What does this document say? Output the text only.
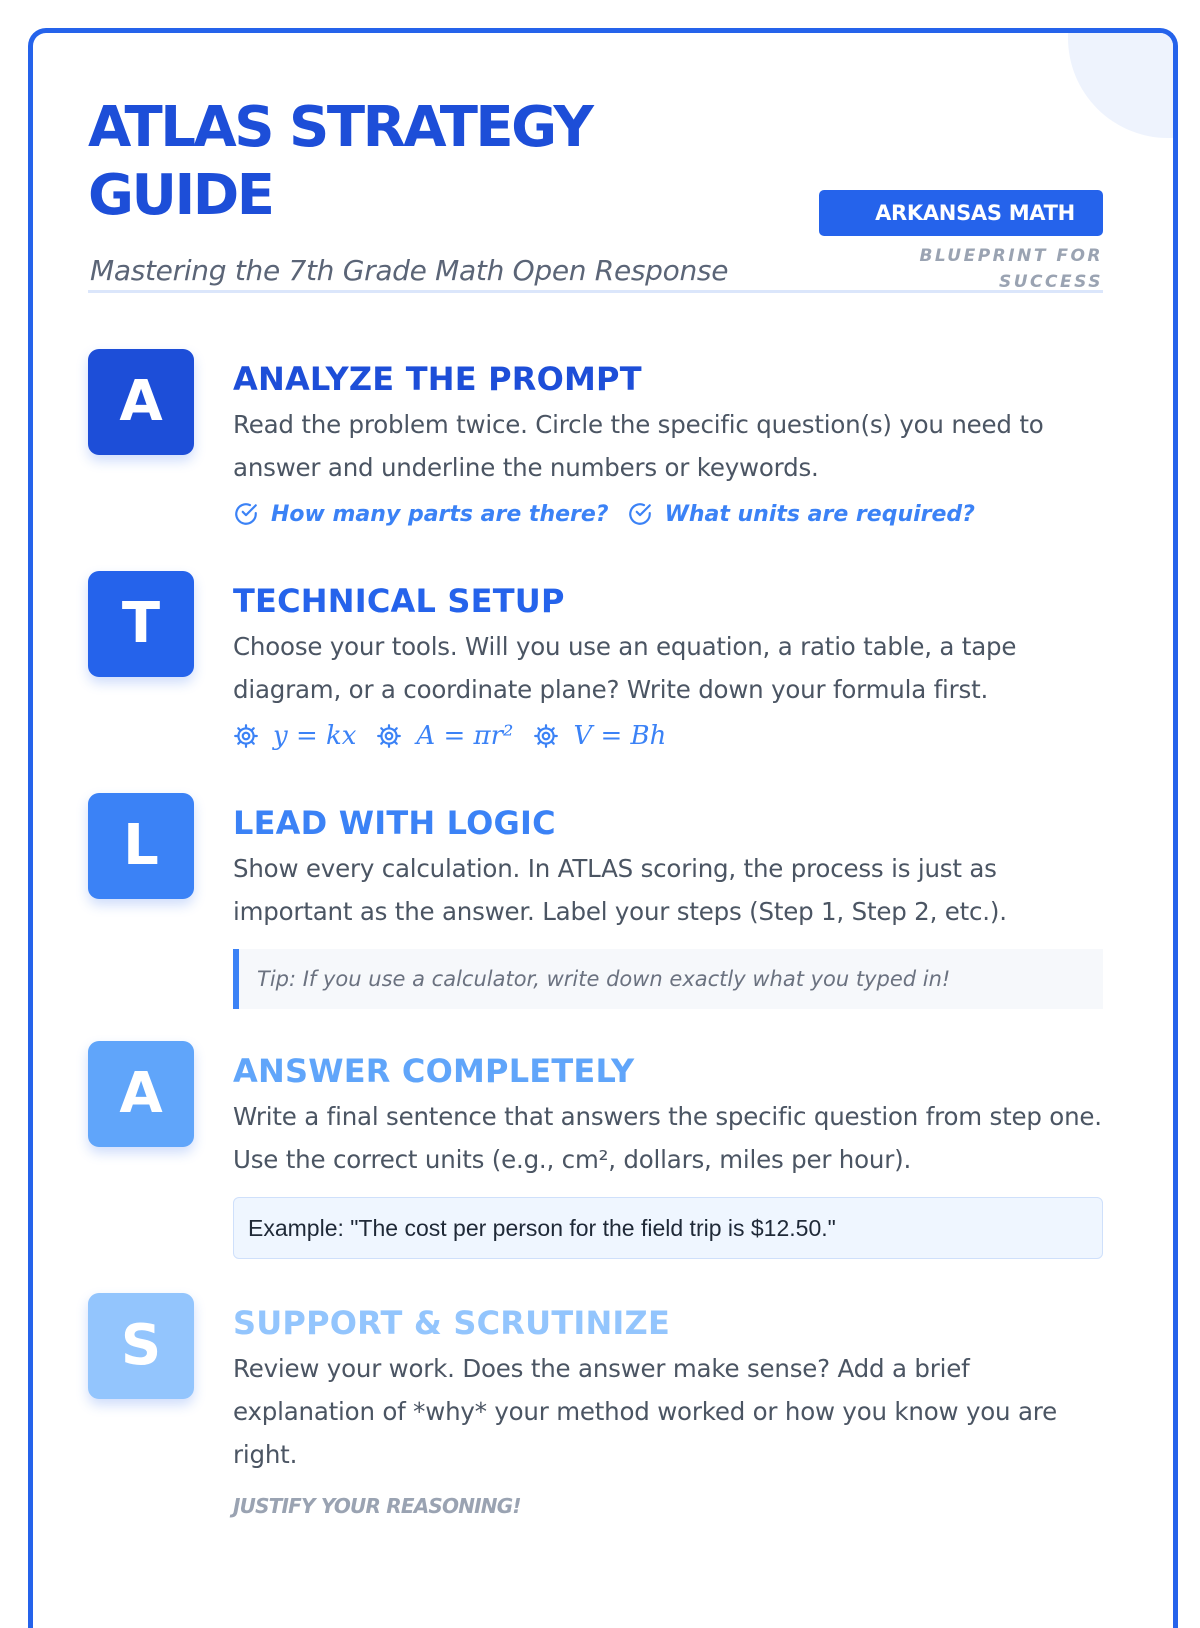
ATLAS STRATEGY GUIDE
Mastering the 7th Grade Math Open Response
ARKANSAS MATH
BLUEPRINT FOR SUCCESS
A	ANALYZE THE PROMPT
Read the problem twice. Circle the specific question(s) you need to answer and underline the numbers or keywords.
How many parts are there?	What units are required?
T	TECHNICAL SETUP
Choose your tools. Will you use an equation, a ratio table, a tape diagram, or a coordinate plane? Write down your formula first.
y = kx A = πr² V = Bh
L	LEAD WITH LOGIC
Show every calculation. In ATLAS scoring, the process is just as important as the answer. Label your steps (Step 1, Step 2, etc.).
Tip: If you use a calculator, write down exactly what you typed in!
A	ANSWER COMPLETELY
Write a final sentence that answers the specific question from step one. Use the correct units (e.g., cm², dollars, miles per hour).
Example: "The cost per person for the field trip is $12.50."
S	SUPPORT & SCRUTINIZE
Review your work. Does the answer make sense? Add a brief explanation of *why* your method worked or how you know you are right.
JUSTIFY YOUR REASONING!
